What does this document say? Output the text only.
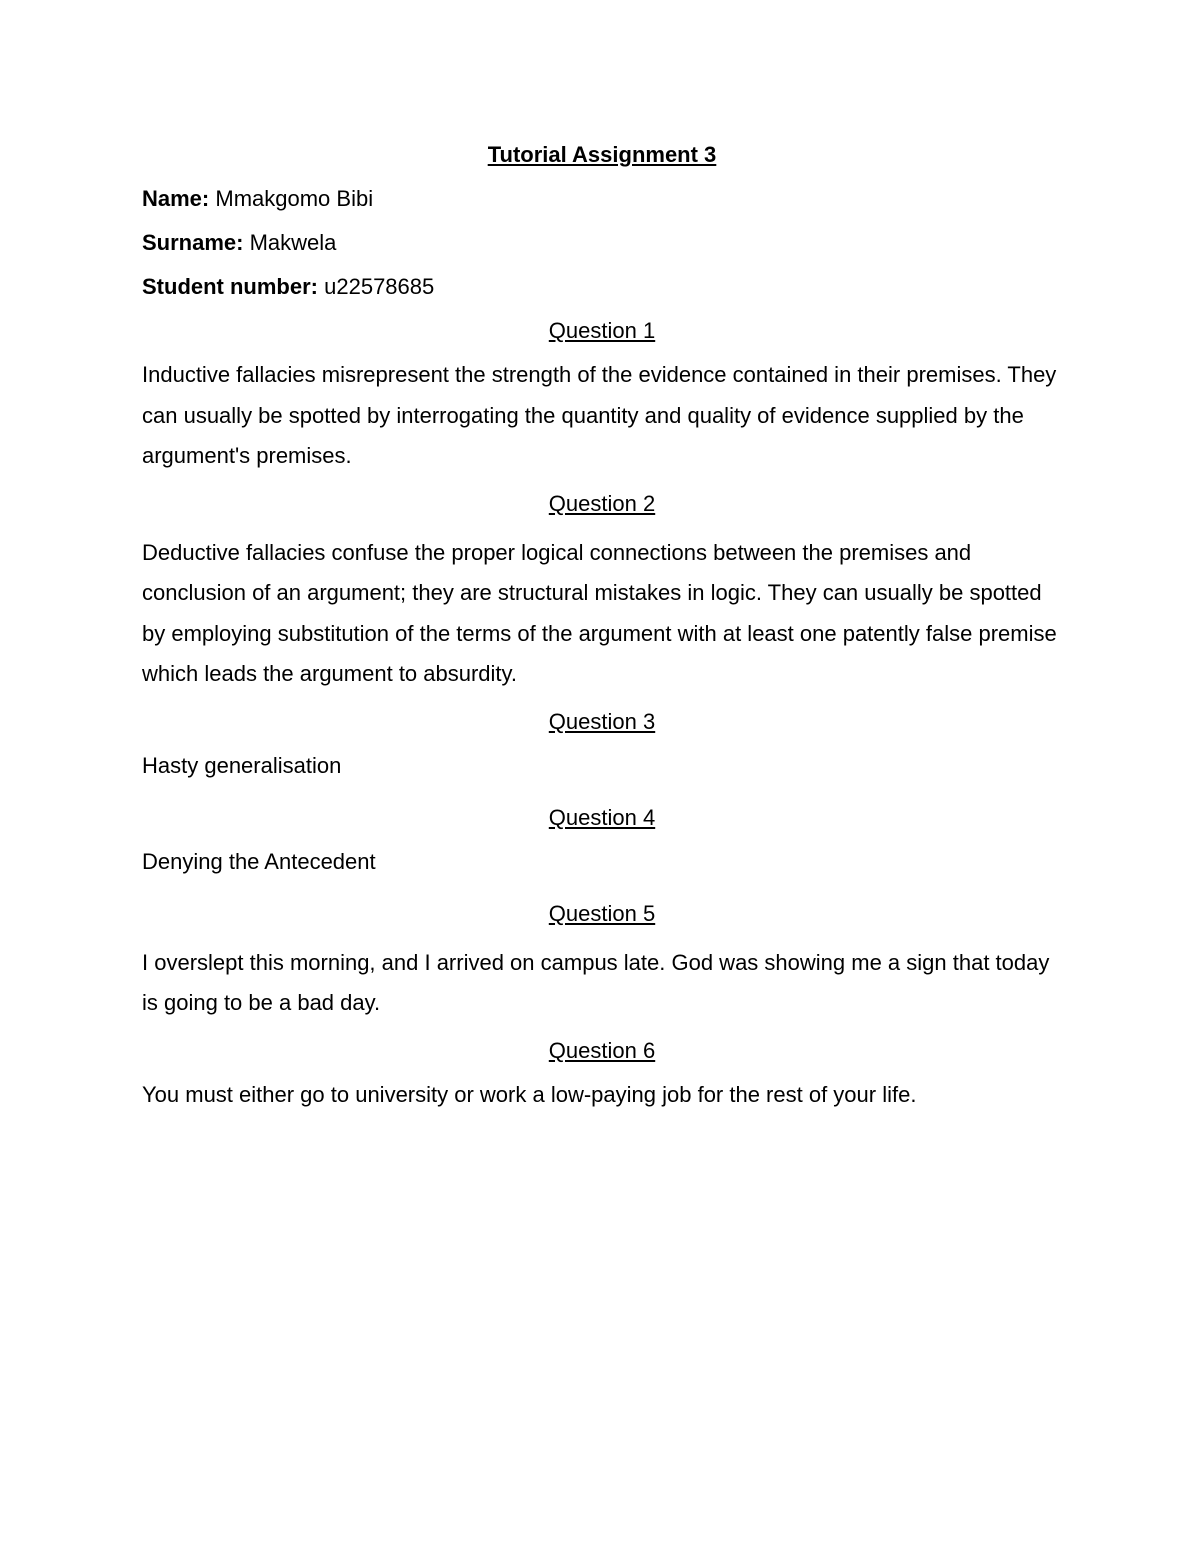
Tutorial Assignment 3
Name: Mmakgomo Bibi
Surname: Makwela
Student number: u22578685
Question 1
Inductive fallacies misrepresent the strength of the evidence contained in their premises. They can usually be spotted by interrogating the quantity and quality of evidence supplied by the argument's premises.
Question 2
Deductive fallacies confuse the proper logical connections between the premises and conclusion of an argument; they are structural mistakes in logic. They can usually be spotted by employing substitution of the terms of the argument with at least one patently false premise which leads the argument to absurdity.
Question 3
Hasty generalisation
Question 4
Denying the Antecedent
Question 5
I overslept this morning, and I arrived on campus late. God was showing me a sign that today is going to be a bad day.
Question 6
You must either go to university or work a low-paying job for the rest of your life.
